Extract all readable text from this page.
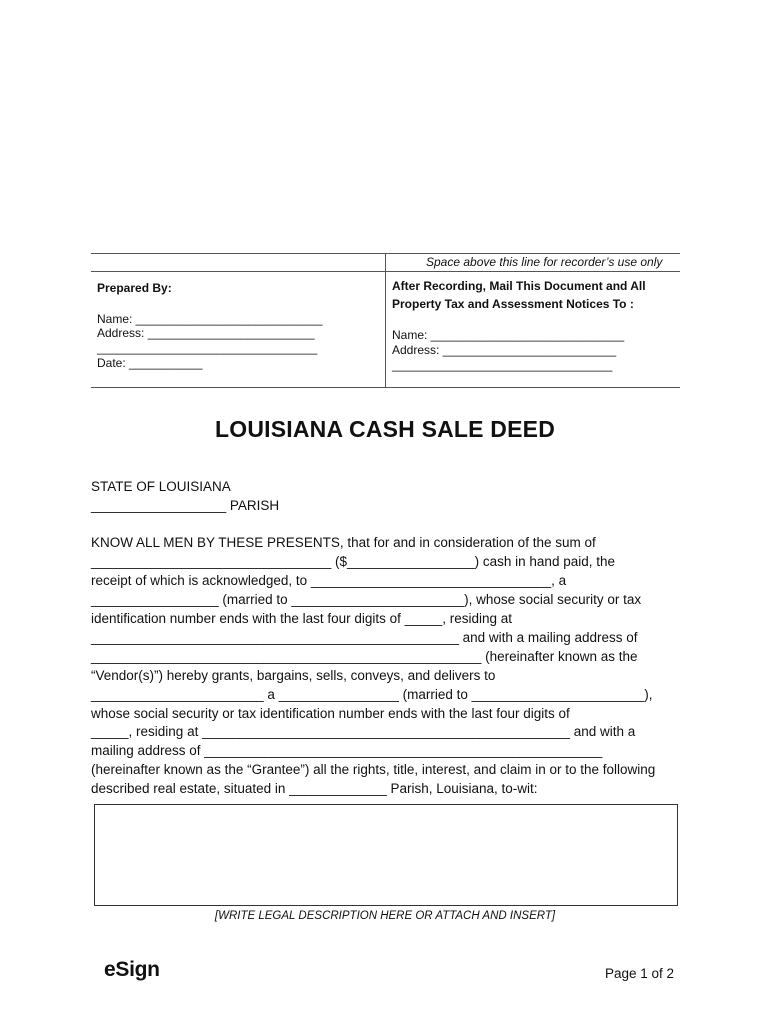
Space above this line for recorder’s use only
Prepared By:
Name: ____________________________
Address: _________________________
_________________________________
Date: ___________
After Recording, Mail This Document and All
Property Tax and Assessment Notices To :
Name: _____________________________
Address: __________________________
_________________________________
LOUISIANA CASH SALE DEED
STATE OF LOUISIANA
__________________ PARISH
KNOW ALL MEN BY THESE PRESENTS, that for and in consideration of the sum of
________________________________ ($_________________) cash in hand paid, the
receipt of which is acknowledged, to ________________________________, a
_________________ (married to _______________________), whose social security or tax
identification number ends with the last four digits of _____, residing at
_________________________________________________ and with a mailing address of
____________________________________________________ (hereinafter known as the
“Vendor(s)”) hereby grants, bargains, sells, conveys, and delivers to
_______________________ a ________________ (married to _______________________),
whose social security or tax identification number ends with the last four digits of
_____, residing at _________________________________________________ and with a
mailing address of _____________________________________________________
(hereinafter known as the “Grantee”) all the rights, title, interest, and claim in or to the following
described real estate, situated in _____________ Parish, Louisiana, to-wit:
[WRITE LEGAL DESCRIPTION HERE OR ATTACH AND INSERT]
eSign	Page 1 of 2
